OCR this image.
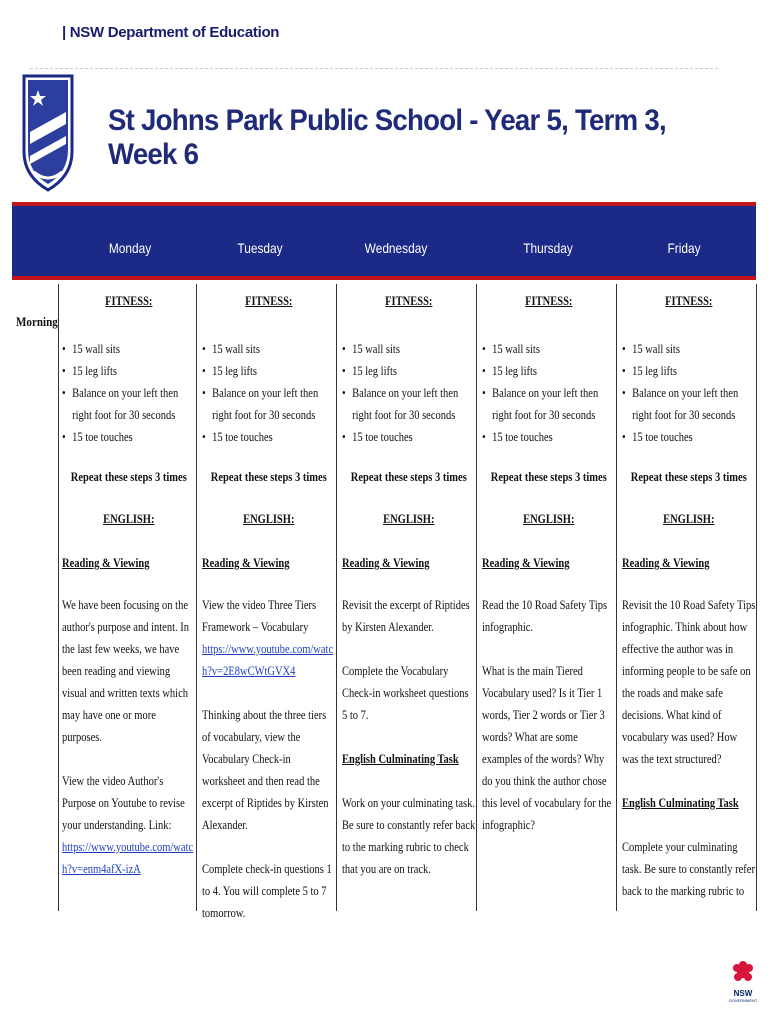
| NSW Department of Education
St Johns Park Public School - Year 5, Term 3, Week 6
Monday	Tuesday	Wednesday	Thursday	Friday
Morning
FITNESS:
• 15 wall sits
• 15 leg lifts
• Balance on your left then right foot for 30 seconds
• 15 toe touches
Repeat these steps 3 times
ENGLISH:
Reading & Viewing

We have been focusing on the author's purpose and intent. In the last few weeks, we have been reading and viewing visual and written texts which may have one or more purposes.

View the video Author's Purpose on Youtube to revise your understanding. Link:

https://www.youtube.com/watch?v=enm4afX-izA
FITNESS:
• 15 wall sits
• 15 leg lifts
• Balance on your left then right foot for 30 seconds
• 15 toe touches
Repeat these steps 3 times
ENGLISH:
Reading & Viewing

View the video Three Tiers Framework – Vocabulary

https://www.youtube.com/watch?v=2E8wCWtGVX4

Thinking about the three tiers of vocabulary, view the Vocabulary Check-in worksheet and then read the excerpt of Riptides by Kirsten Alexander.

Complete check-in questions 1 to 4. You will complete 5 to 7 tomorrow.

FITNESS:
• 15 wall sits
• 15 leg lifts
• Balance on your left then right foot for 30 seconds
• 15 toe touches
Repeat these steps 3 times
ENGLISH:
Reading & Viewing

Revisit the excerpt of Riptides by Kirsten Alexander.

Complete the Vocabulary Check-in worksheet questions 5 to 7.

English Culminating Task

Work on your culminating task. Be sure to constantly refer back to the marking rubric to check that you are on track.

FITNESS:
• 15 wall sits
• 15 leg lifts
• Balance on your left then right foot for 30 seconds
• 15 toe touches
Repeat these steps 3 times
ENGLISH:
Reading & Viewing

Read the 10 Road Safety Tips infographic.

What is the main Tiered Vocabulary used? Is it Tier 1 words, Tier 2 words or Tier 3 words? What are some examples of the words? Why do you think the author chose this level of vocabulary for the infographic?

FITNESS:
• 15 wall sits
• 15 leg lifts
• Balance on your left then right foot for 30 seconds
• 15 toe touches
Repeat these steps 3 times
ENGLISH:
Reading & Viewing

Revisit the 10 Road Safety Tips infographic. Think about how effective the author was in informing people to be safe on the roads and make safe decisions. What kind of vocabulary was used? How was the text structured?

English Culminating Task

Complete your culminating task. Be sure to constantly refer back to the marking rubric to

NSW
GOVERNMENT
